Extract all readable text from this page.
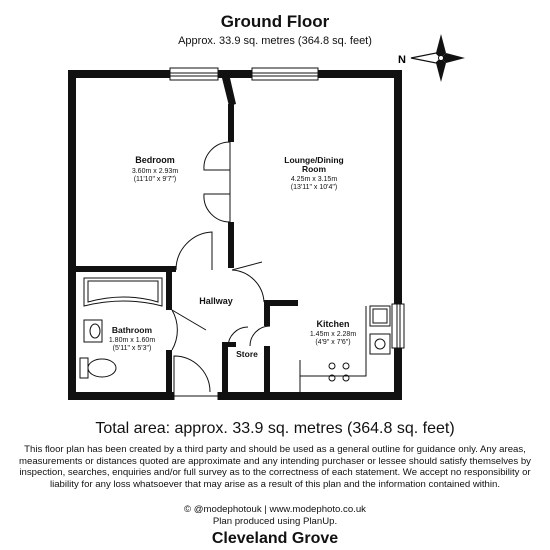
Ground Floor
Approx. 33.9 sq. metres (364.8 sq. feet)
N
Bedroom
3.60m x 2.93m
(11'10" x 9'7")
Lounge/Dining
Room
4.25m x 3.15m
(13'11" x 10'4")
Hallway
Kitchen
1.45m x 2.28m
(4'9" x 7'6")
Bathroom
1.80m x 1.60m
(5'11" x 5'3")
Store
Total area: approx. 33.9 sq. metres (364.8 sq. feet)
This floor plan has been created by a third party and should be used as a general outline for guidance only. Any areas, measurements or distances quoted are approximate and any intending purchaser or lessee should satisfy themselves by inspection, searches, enquiries and/or full survey as to the correctness of each statement. We accept no responsibility or liability for any loss whatsoever that may arise as a result of this plan and the information contained within.
© @modephotouk | www.modephoto.co.uk
Plan produced using PlanUp.
Cleveland Grove
